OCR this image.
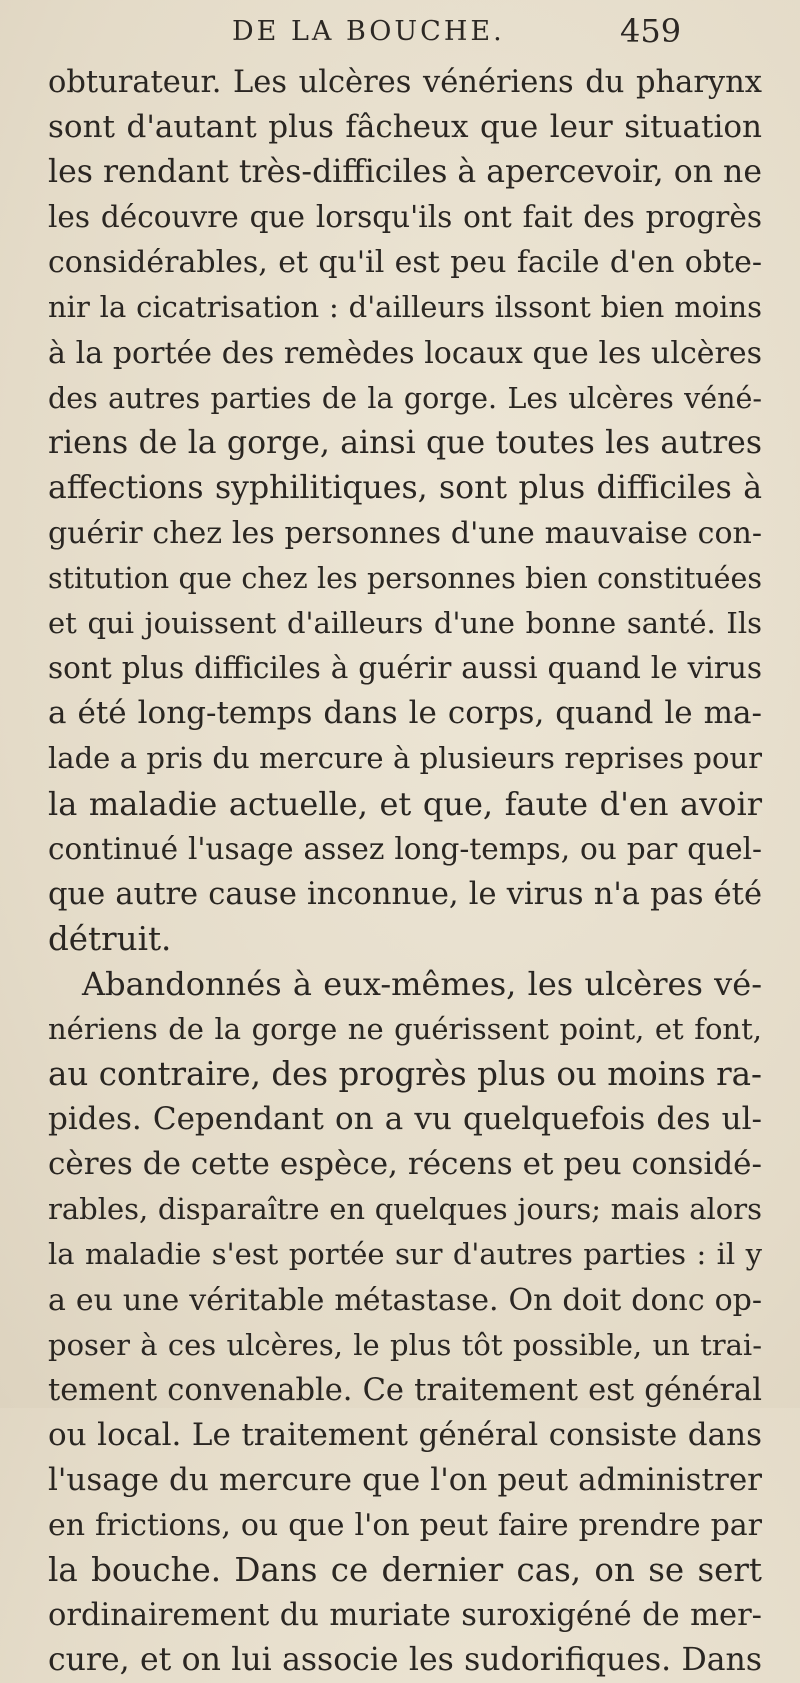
DE LA BOUCHE.	459
obturateur. Les ulcères vénériens du pharynx
sont d'autant plus fâcheux que leur situation
les rendant très-difficiles à apercevoir, on ne
les découvre que lorsqu'ils ont fait des progrès
considérables, et qu'il est peu facile d'en obte-
nir la cicatrisation : d'ailleurs ilssont bien moins
à la portée des remèdes locaux que les ulcères
des autres parties de la gorge. Les ulcères véné-
riens de la gorge, ainsi que toutes les autres
affections syphilitiques, sont plus difficiles à
guérir chez les personnes d'une mauvaise con-
stitution que chez les personnes bien constituées
et qui jouissent d'ailleurs d'une bonne santé. Ils
sont plus difficiles à guérir aussi quand le virus
a été long-temps dans le corps, quand le ma-
lade a pris du mercure à plusieurs reprises pour
la maladie actuelle, et que, faute d'en avoir
continué l'usage assez long-temps, ou par quel-
que autre cause inconnue, le virus n'a pas été
détruit.
Abandonnés à eux-mêmes, les ulcères vé-
nériens de la gorge ne guérissent point, et font,
au contraire, des progrès plus ou moins ra-
pides. Cependant on a vu quelquefois des ul-
cères de cette espèce, récens et peu considé-
rables, disparaître en quelques jours; mais alors
la maladie s'est portée sur d'autres parties : il y
a eu une véritable métastase. On doit donc op-
poser à ces ulcères, le plus tôt possible, un trai-
tement convenable. Ce traitement est général
ou local. Le traitement général consiste dans
l'usage du mercure que l'on peut administrer
en frictions, ou que l'on peut faire prendre par
la bouche. Dans ce dernier cas, on se sert
ordinairement du muriate suroxigéné de mer-
cure, et on lui associe les sudorifiques. Dans
